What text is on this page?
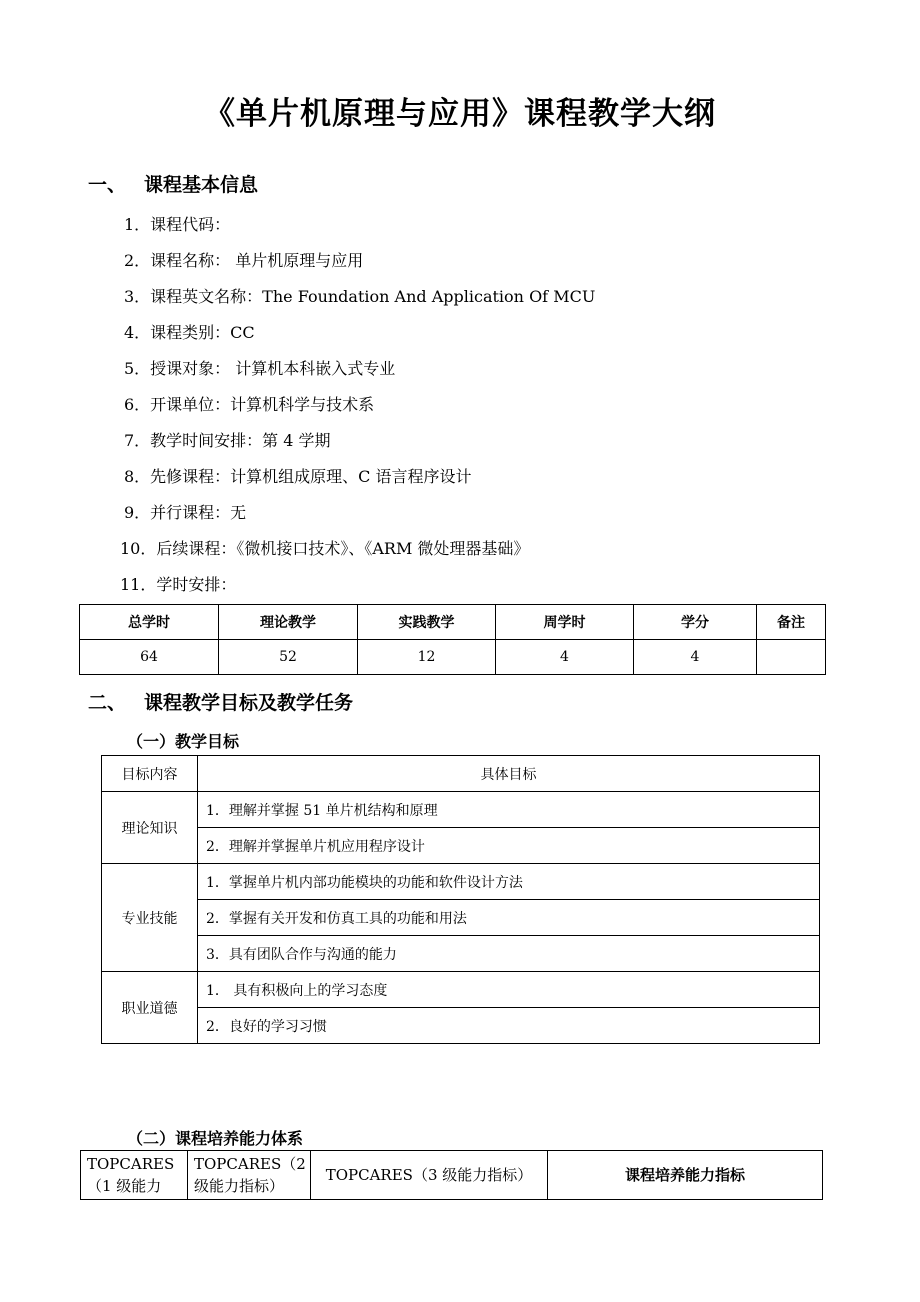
《单片机原理与应用》课程教学大纲
一、 课程基本信息
1．课程代码：
2．课程名称： 单片机原理与应用
3．课程英文名称：The Foundation And Application Of MCU
4．课程类别：CC
5．授课对象： 计算机本科嵌入式专业
6．开课单位：计算机科学与技术系
7．教学时间安排：第 4 学期
8．先修课程：计算机组成原理、C 语言程序设计
9．并行课程：无
10．后续课程：《微机接口技术》、《ARM 微处理器基础》
11．学时安排：
总学时	理论教学	实践教学	周学时	学分	备注
64	52	12	4	4	
二、 课程教学目标及教学任务
（一）教学目标
目标内容	具体目标
理论知识	1．理解并掌握 51 单片机结构和原理
	2．理解并掌握单片机应用程序设计
专业技能	1．掌握单片机内部功能模块的功能和软件设计方法
	2．掌握有关开发和仿真工具的功能和用法
	3．具有团队合作与沟通的能力
职业道德	1． 具有积极向上的学习态度
	2．良好的学习习惯
（二）课程培养能力体系
TOPCARES（1 级能力	TOPCARES（2 级能力指标）	TOPCARES（3 级能力指标）	课程培养能力指标
